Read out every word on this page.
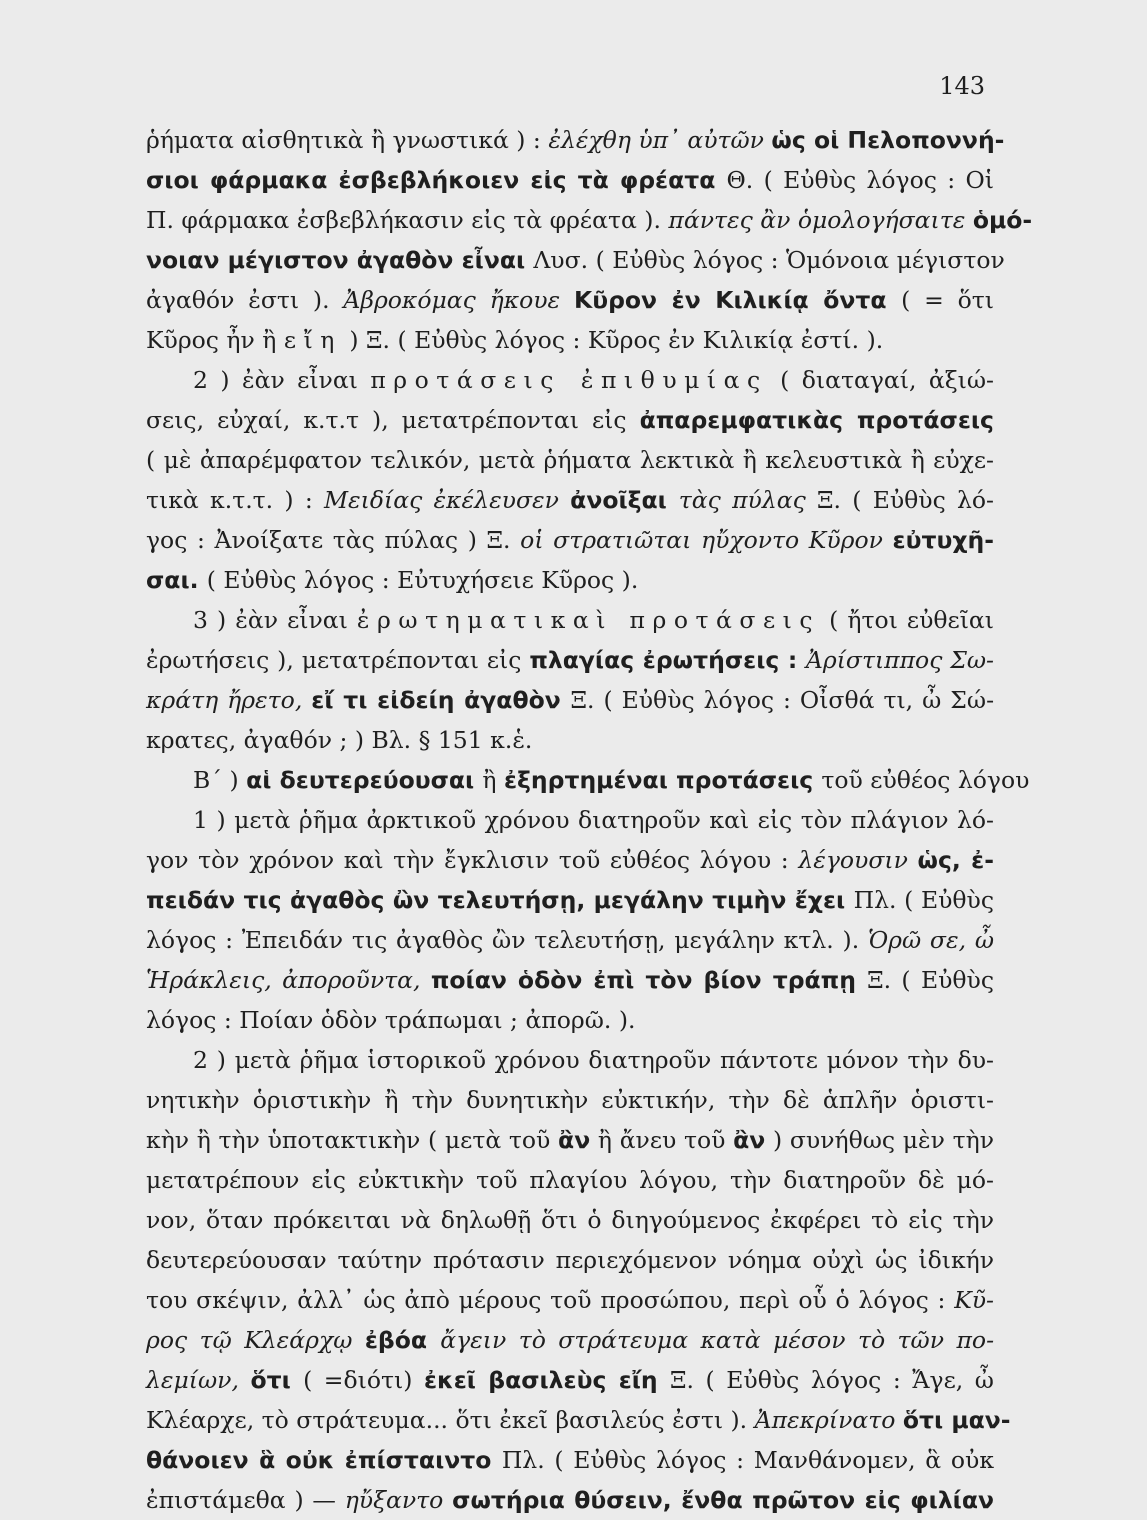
143
ῥήματα αἰσθητικὰ ἢ γνωστικά ) : ἐλέχθη ὑπ᾽ αὐτῶν ὡς οἱ Πελοποννή-
σιοι φάρμακα ἐσβεβλήκοιεν εἰς τὰ φρέατα Θ. ( Εὐθὺς λόγος : Οἱ
Π. φάρμακα ἐσβεβλήκασιν εἰς τὰ φρέατα ). πάντες ἂν ὁμολογήσαιτε ὁμό-
νοιαν μέγιστον ἀγαθὸν εἶναι Λυσ. ( Εὐθὺς λόγος : Ὁμόνοια μέγιστον
ἀγαθόν ἐστι ). Ἀβροκόμας ἤκουε Κῦρον ἐν Κιλικίᾳ ὄντα ( = ὅτι
Κῦρος ἦν ἢ εἴη ) Ξ. ( Εὐθὺς λόγος : Κῦρος ἐν Κιλικίᾳ ἐστί. ).
2 ) ἐὰν εἶναι προτάσεις ἐπιθυμίας ( διαταγαί, ἀξιώ-
σεις, εὐχαί, κ.τ.τ ), μετατρέπονται εἰς ἀπαρεμφατικὰς προτάσεις
( μὲ ἀπαρέμφατον τελικόν, μετὰ ῥήματα λεκτικὰ ἢ κελευστικὰ ἢ εὐχε-
τικὰ κ.τ.τ. ) : Μειδίας ἐκέλευσεν ἀνοῖξαι τὰς πύλας Ξ. ( Εὐθὺς λό-
γος : Ἀνοίξατε τὰς πύλας ) Ξ. οἱ στρατιῶται ηὔχοντο Κῦρον εὐτυχῆ-
σαι. ( Εὐθὺς λόγος : Εὐτυχήσειε Κῦρος ).
3 ) ἐὰν εἶναι ἐρωτηματικαὶ προτάσεις ( ἤτοι εὐθεῖαι
ἐρωτήσεις ), μετατρέπονται εἰς πλαγίας ἐρωτήσεις : Ἀρίστιππος Σω-
κράτη ἤρετο, εἴ τι εἰδείη ἀγαθὸν Ξ. ( Εὐθὺς λόγος : Οἶσθά τι, ὦ Σώ-
κρατες, ἀγαθόν ; ) Βλ. § 151 κ.ἑ.
Β΄ ) αἱ δευτερεύουσαι ἢ ἐξηρτημέναι προτάσεις τοῦ εὐθέος λόγου
1 ) μετὰ ῥῆμα ἀρκτικοῦ χρόνου διατηροῦν καὶ εἰς τὸν πλάγιον λό-
γον τὸν χρόνον καὶ τὴν ἔγκλισιν τοῦ εὐθέος λόγου : λέγουσιν ὡς, ἐ-
πειδάν τις ἀγαθὸς ὢν τελευτήσῃ, μεγάλην τιμὴν ἔχει Πλ. ( Εὐθὺς
λόγος : Ἐπειδάν τις ἀγαθὸς ὢν τελευτήσῃ, μεγάλην κτλ. ). Ὁρῶ σε, ὦ
Ἡράκλεις, ἀποροῦντα, ποίαν ὁδὸν ἐπὶ τὸν βίον τράπῃ Ξ. ( Εὐθὺς
λόγος : Ποίαν ὁδὸν τράπωμαι ; ἀπορῶ. ).
2 ) μετὰ ῥῆμα ἱστορικοῦ χρόνου διατηροῦν πάντοτε μόνον τὴν δυ-
νητικὴν ὁριστικὴν ἢ τὴν δυνητικὴν εὐκτικήν, τὴν δὲ ἁπλῆν ὁριστι-
κὴν ἢ τὴν ὑποτακτικὴν ( μετὰ τοῦ ἂν ἢ ἄνευ τοῦ ἂν ) συνήθως μὲν τὴν
μετατρέπουν εἰς εὐκτικὴν τοῦ πλαγίου λόγου, τὴν διατηροῦν δὲ μό-
νον, ὅταν πρόκειται νὰ δηλωθῇ ὅτι ὁ διηγούμενος ἐκφέρει τὸ εἰς τὴν
δευτερεύουσαν ταύτην πρότασιν περιεχόμενον νόημα οὐχὶ ὡς ἰδικήν
του σκέψιν, ἀλλ᾽ ὡς ἀπὸ μέρους τοῦ προσώπου, περὶ οὗ ὁ λόγος : Κῦ-
ρος τῷ Κλεάρχῳ ἐβόα ἄγειν τὸ στράτευμα κατὰ μέσον τὸ τῶν πο-
λεμίων, ὅτι ( =διότι) ἐκεῖ βασιλεὺς εἴη Ξ. ( Εὐθὺς λόγος : Ἄγε, ὦ
Κλέαρχε, τὸ στράτευμα... ὅτι ἐκεῖ βασιλεύς ἐστι ). Ἀπεκρίνατο ὅτι μαν-
θάνοιεν ἃ οὐκ ἐπίσταιντο Πλ. ( Εὐθὺς λόγος : Μανθάνομεν, ἃ οὐκ
ἐπιστάμεθα ) — ηὔξαντο σωτήρια θύσειν, ἔνθα πρῶτον εἰς φιλίαν
